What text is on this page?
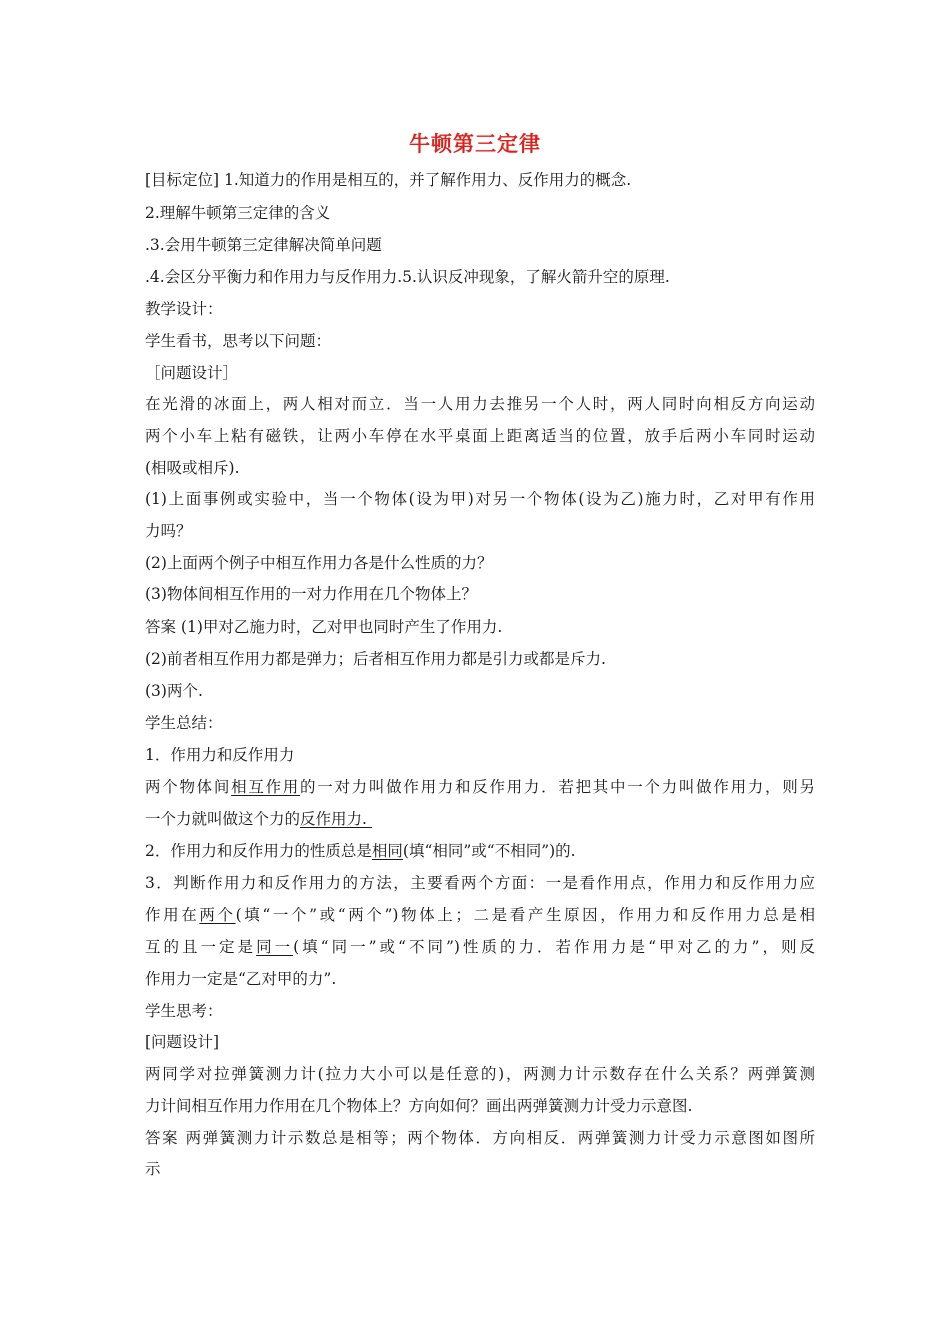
牛顿第三定律
[目标定位] 1.知道力的作用是相互的，并了解作用力、反作用力的概念.
2.理解牛顿第三定律的含义
.3.会用牛顿第三定律解决简单问题
.4.会区分平衡力和作用力与反作用力.5.认识反冲现象，了解火箭升空的原理.
教学设计：
学生看书，思考以下问题：
［问题设计］
在光滑的冰面上，两人相对而立．当一人用力去推另一个人时，两人同时向相反方向运动
两个小车上粘有磁铁，让两小车停在水平桌面上距离适当的位置，放手后两小车同时运动
(相吸或相斥).
(1)上面事例或实验中，当一个物体(设为甲)对另一个物体(设为乙)施力时，乙对甲有作用
力吗？
(2)上面两个例子中相互作用力各是什么性质的力？
(3)物体间相互作用的一对力作用在几个物体上？
答案 (1)甲对乙施力时，乙对甲也同时产生了作用力.
(2)前者相互作用力都是弹力；后者相互作用力都是引力或都是斥力.
(3)两个.
学生总结：
1．作用力和反作用力
两个物体间相互作用的一对力叫做作用力和反作用力．若把其中一个力叫做作用力，则另
一个力就叫做这个力的反作用力.
2．作用力和反作用力的性质总是相同(填“相同”或“不相同”)的.
3．判断作用力和反作用力的方法，主要看两个方面：一是看作用点，作用力和反作用力应
作用在两个(填“一个”或“两个”)物体上；二是看产生原因，作用力和反作用力总是相
互的且一定是同一(填“同一”或“不同”)性质的力．若作用力是“甲对乙的力”，则反
作用力一定是“乙对甲的力”.
学生思考：
[问题设计]
两同学对拉弹簧测力计(拉力大小可以是任意的)，两测力计示数存在什么关系？两弹簧测
力计间相互作用力作用在几个物体上？方向如何？画出两弹簧测力计受力示意图.
答案 两弹簧测力计示数总是相等；两个物体．方向相反．两弹簧测力计受力示意图如图所
示
